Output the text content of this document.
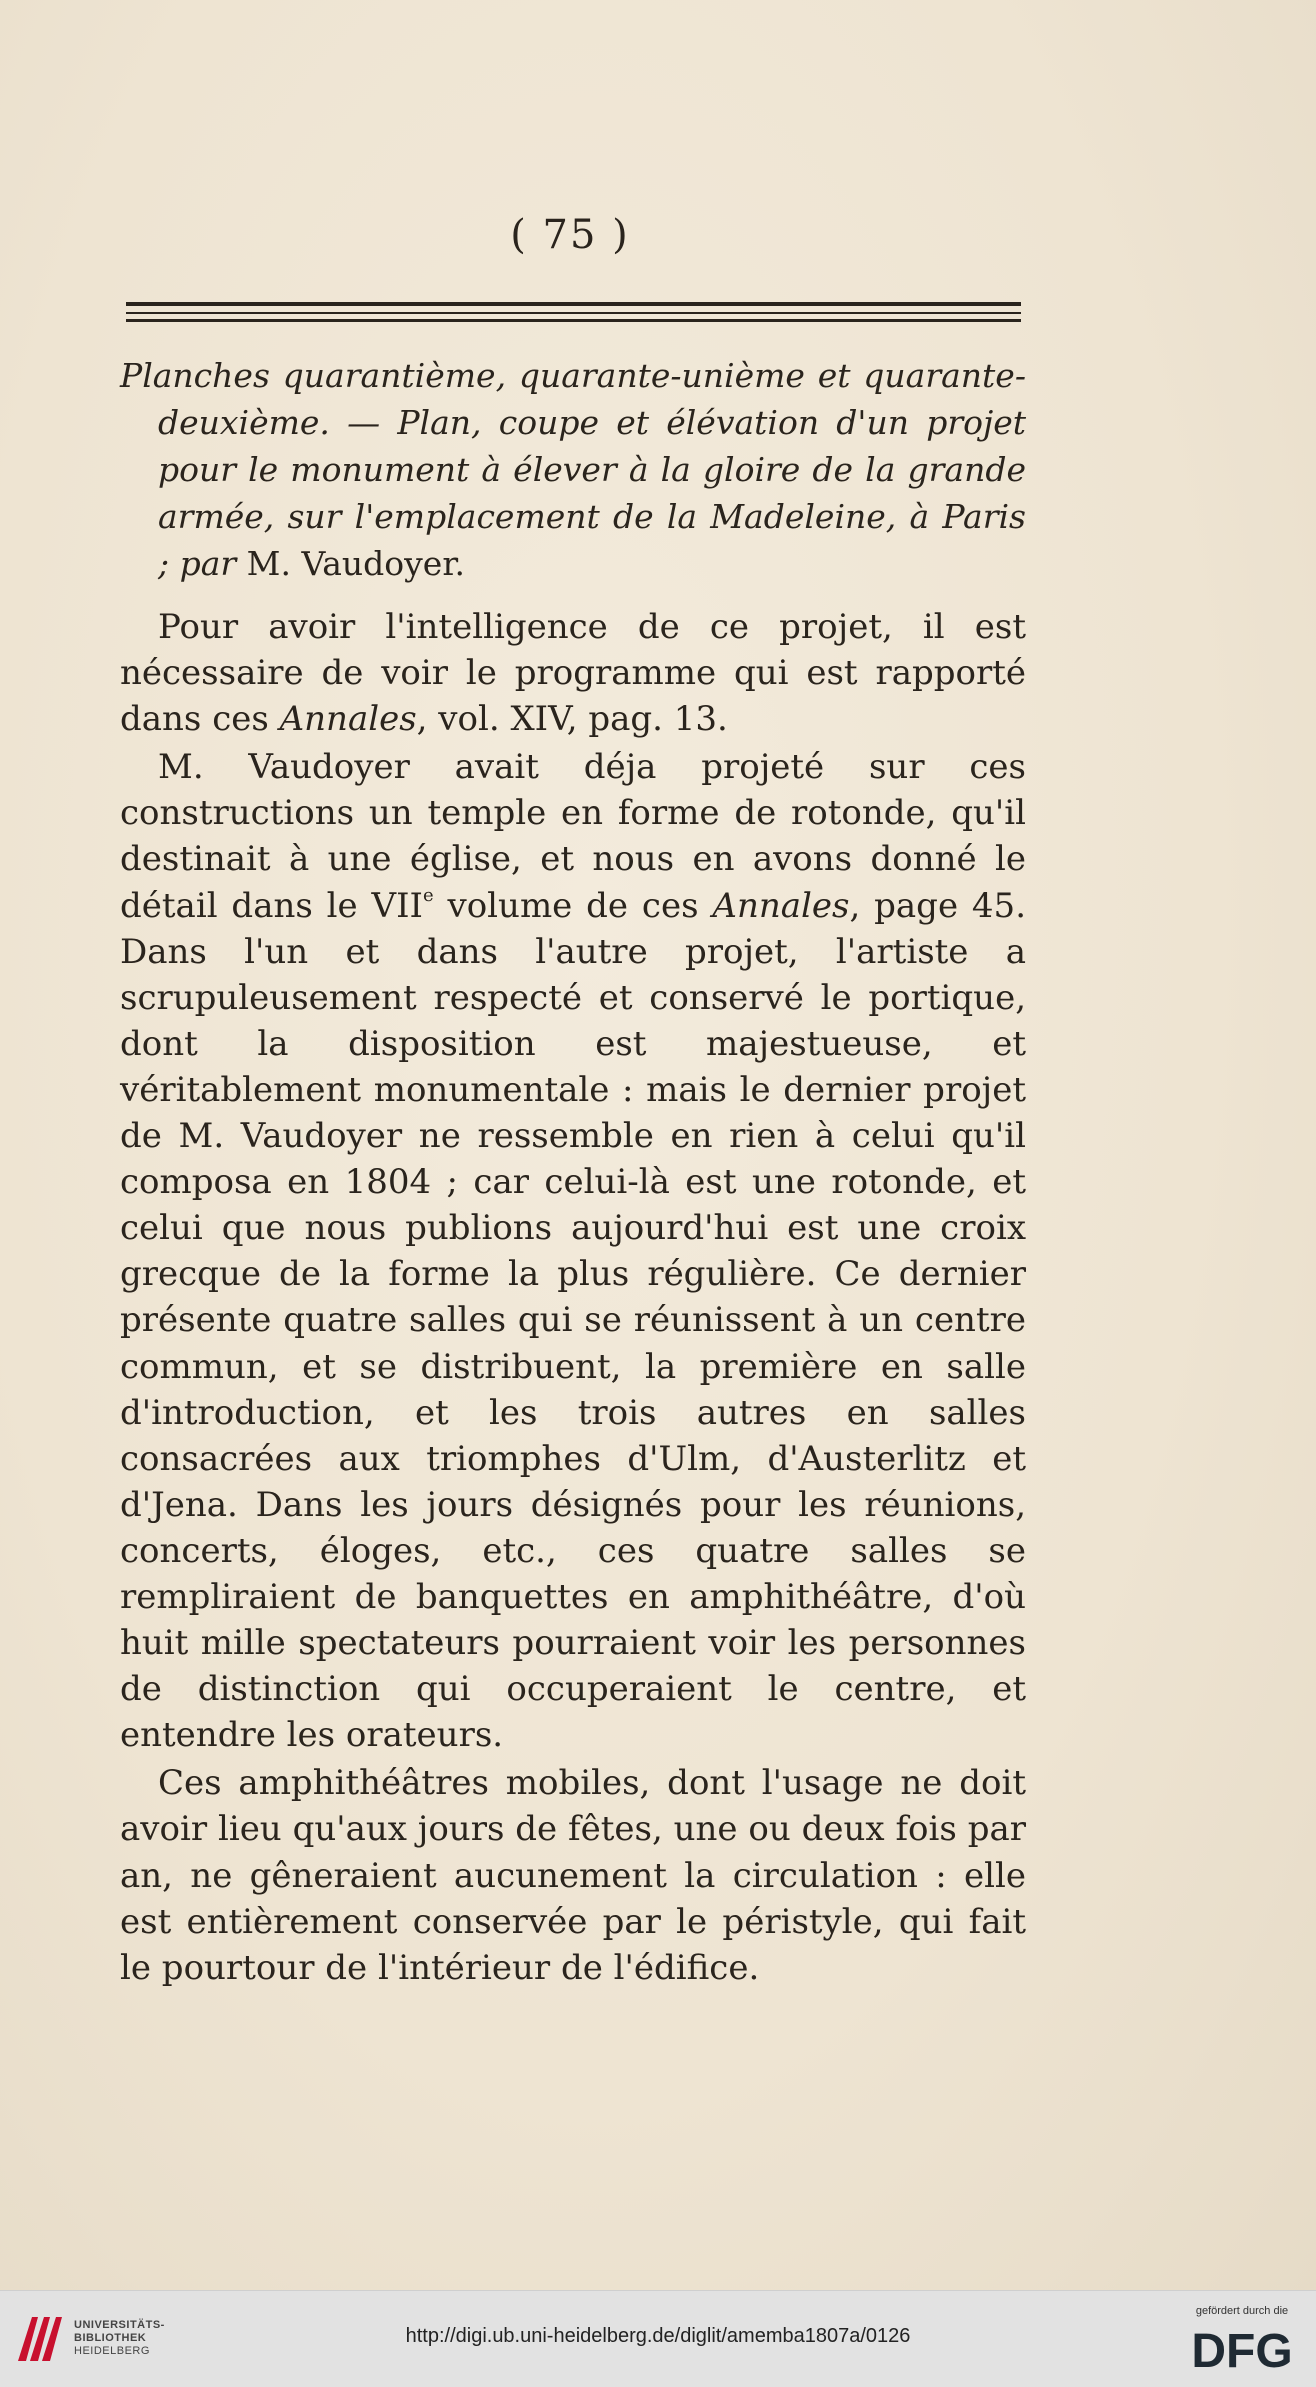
( 75 )
Planches quarantième, quarante-unième et quarante-
deuxième. — Plan, coupe et élévation d'un projet pour le monument à élever à la gloire de la grande armée, sur l'emplacement de la Madeleine, à Paris ; par M. Vaudoyer.

Pour avoir l'intelligence de ce projet, il est nécessaire de voir le programme qui est rapporté dans ces Annales, vol. XIV, pag. 13.

M. Vaudoyer avait déja projeté sur ces constructions un temple en forme de rotonde, qu'il destinait à une église, et nous en avons donné le détail dans le VIIe volume de ces Annales, page 45. Dans l'un et dans l'autre projet, l'artiste a scrupuleusement respecté et conservé le portique, dont la disposition est majestueuse, et véritablement monumentale : mais le dernier projet de M. Vaudoyer ne ressemble en rien à celui qu'il composa en 1804 ; car celui-là est une rotonde, et celui que nous publions aujourd'hui est une croix grecque de la forme la plus régulière. Ce dernier présente quatre salles qui se réunissent à un centre commun, et se distribuent, la première en salle d'introduction, et les trois autres en salles consacrées aux triomphes d'Ulm, d'Austerlitz et d'Jena. Dans les jours désignés pour les réunions, concerts, éloges, etc., ces quatre salles se rempliraient de banquettes en amphithéâtre, d'où huit mille spectateurs pourraient voir les personnes de distinction qui occuperaient le centre, et entendre les orateurs.

Ces amphithéâtres mobiles, dont l'usage ne doit avoir lieu qu'aux jours de fêtes, une ou deux fois par an, ne gêneraient aucunement la circulation : elle est entièrement conservée par le péristyle, qui fait le pourtour de l'intérieur de l'édifice.

UNIVERSITÄTS-
BIBLIOTHEK
HEIDELBERG
http://digi.ub.uni-heidelberg.de/diglit/amemba1807a/0126
gefördert durch die
DFG
